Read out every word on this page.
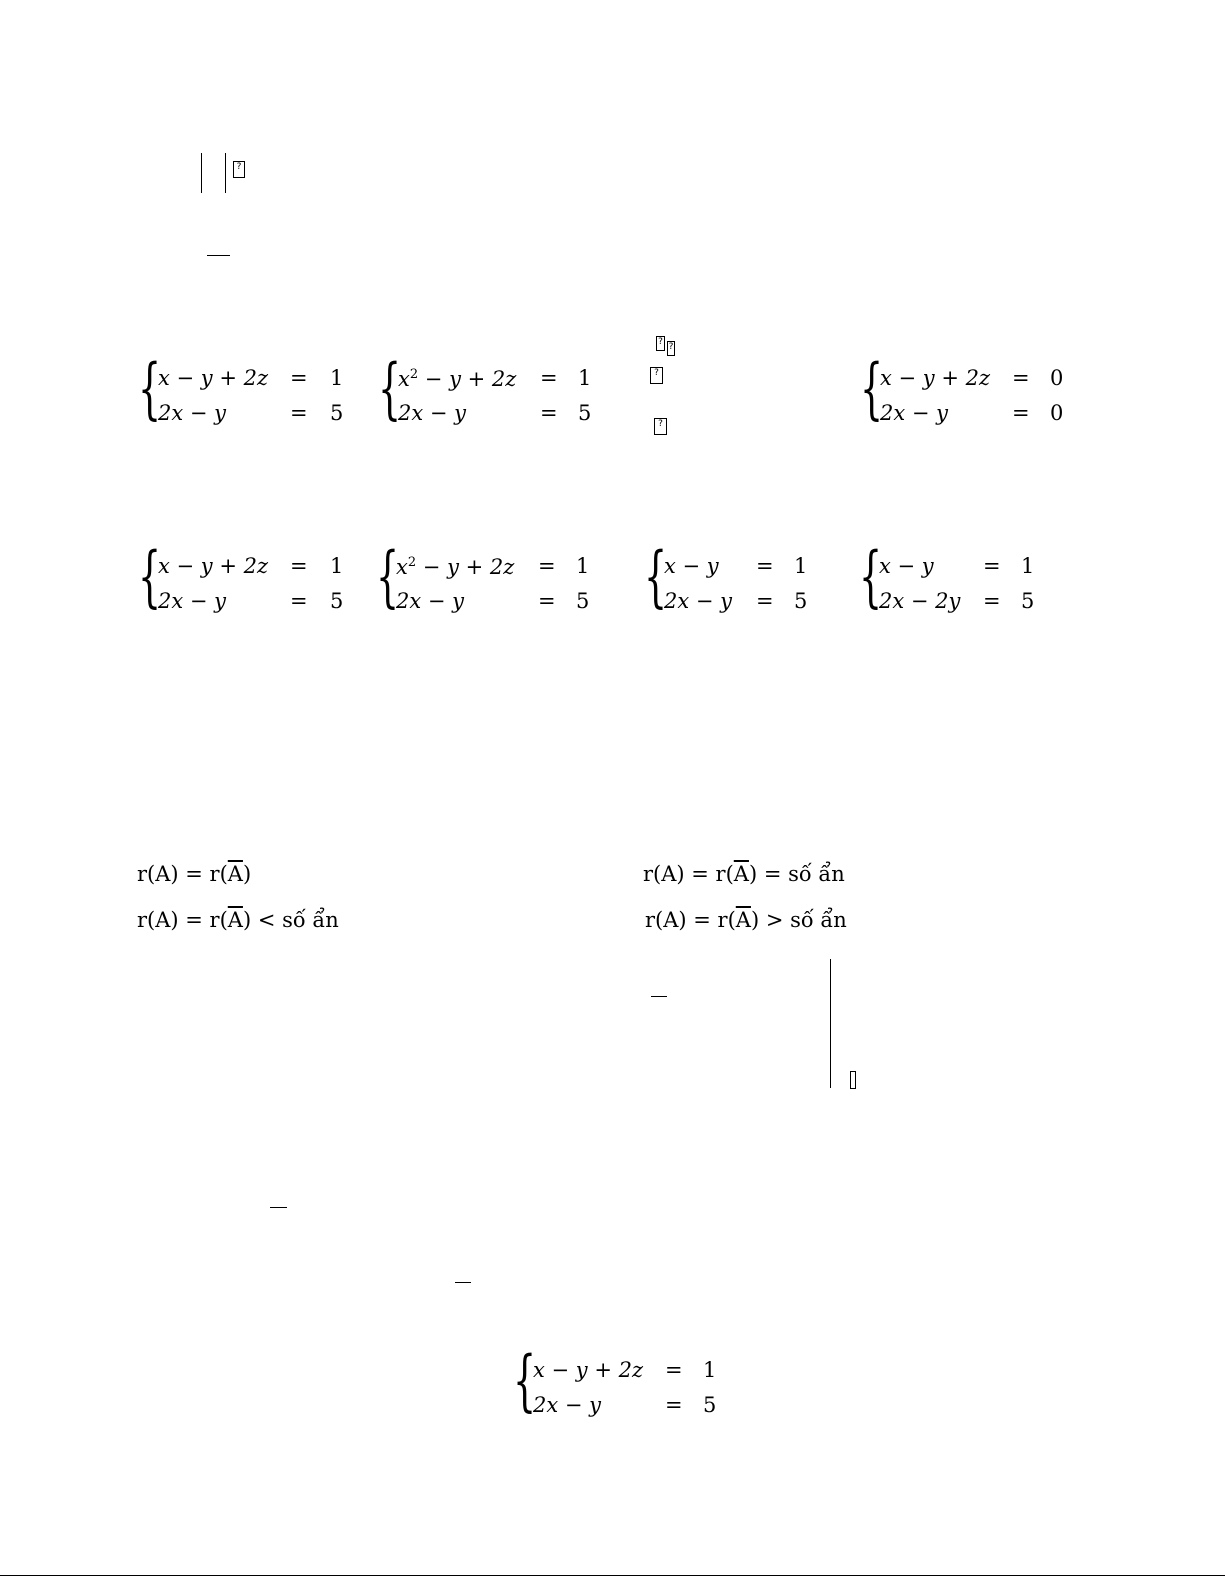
?
? ?
?
?
{
x − y + 2z = 1
2x − y	= 5 {
$x^2 - y + 2z = 1$
2x − y	= 5	{
x − y + 2z = 0
2x − y	= 0
{
x − y + 2z = 1
2x − y	= 5 {
$x^2 - y + 2z = 1$
2x − y	= 5 {
x − y = 1
2x − y = 5 {
x − y = 1
2x − 2y = 5
$r(A) = r(\overline{A})$	$r(A) = r(\overline{A})$ = số ẩn
$r(A) = r(\overline{A})$ < số ẩn	$r(A) = r(\overline{A})$ > số ẩn
{
x − y + 2z = 1
2x − y	= 5
